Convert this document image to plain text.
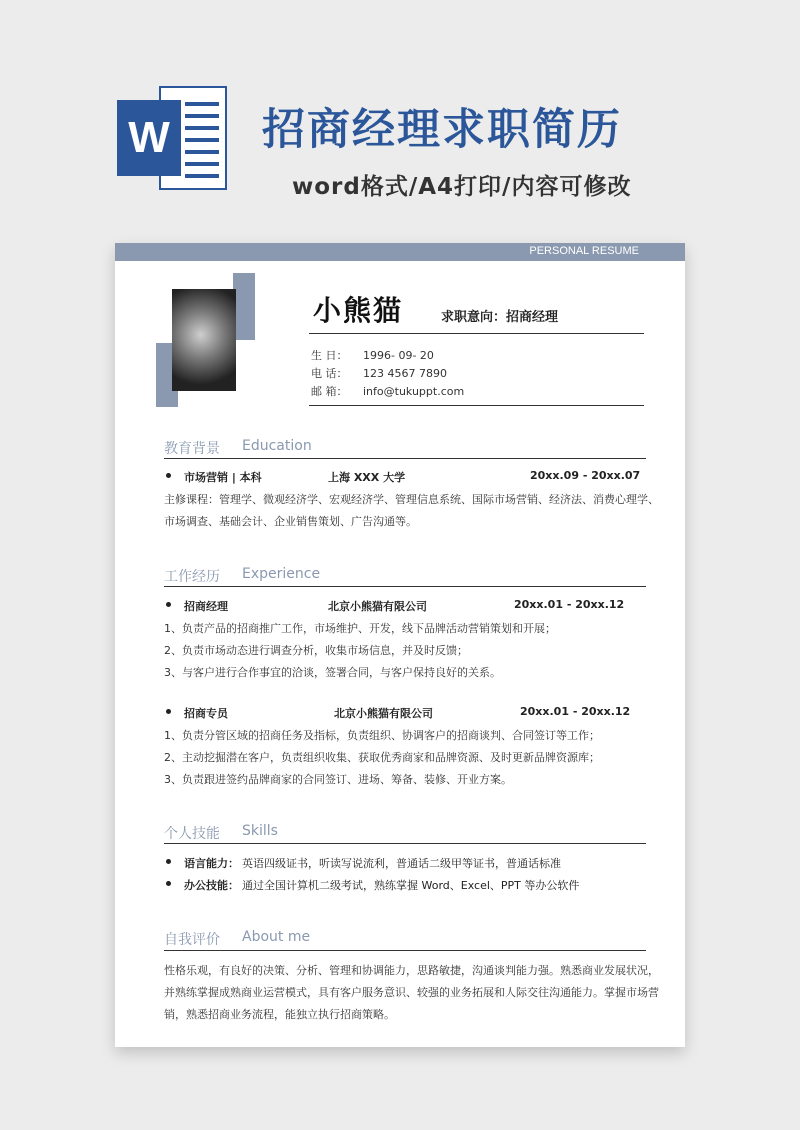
W 招商经理求职简历
word格式/A4打印/内容可修改
PERSONAL RESUME
小熊猫	求职意向：招商经理
生 日： 1996- 09- 20
电 话： 123 4567 7890
邮 箱： info@tukuppt.com
教育背景 Education
市场营销 | 本科	上海 XXX 大学	20xx.09 - 20xx.07
主修课程：管理学、微观经济学、宏观经济学、管理信息系统、国际市场营销、经济法、消费心理学、
市场调查、基础会计、企业销售策划、广告沟通等。
工作经历 Experience
招商经理	北京小熊猫有限公司	20xx.01 - 20xx.12
1、负责产品的招商推广工作，市场维护、开发，线下品牌活动营销策划和开展；
2、负责市场动态进行调查分析，收集市场信息，并及时反馈；
3、与客户进行合作事宜的洽谈，签署合同，与客户保持良好的关系。
招商专员	北京小熊猫有限公司	20xx.01 - 20xx.12
1、负责分管区域的招商任务及指标，负责组织、协调客户的招商谈判、合同签订等工作；
2、主动挖掘潜在客户，负责组织收集、获取优秀商家和品牌资源、及时更新品牌资源库；
3、负责跟进签约品牌商家的合同签订、进场、筹备、装修、开业方案。
个人技能 Skills
语言能力： 英语四级证书，听读写说流利，普通话二级甲等证书，普通话标准
办公技能： 通过全国计算机二级考试，熟练掌握 Word、Excel、PPT 等办公软件
自我评价 About me
性格乐观，有良好的决策、分析、管理和协调能力，思路敏捷，沟通谈判能力强。熟悉商业发展状况，
并熟练掌握成熟商业运营模式，具有客户服务意识、较强的业务拓展和人际交往沟通能力。掌握市场营
销，熟悉招商业务流程，能独立执行招商策略。
